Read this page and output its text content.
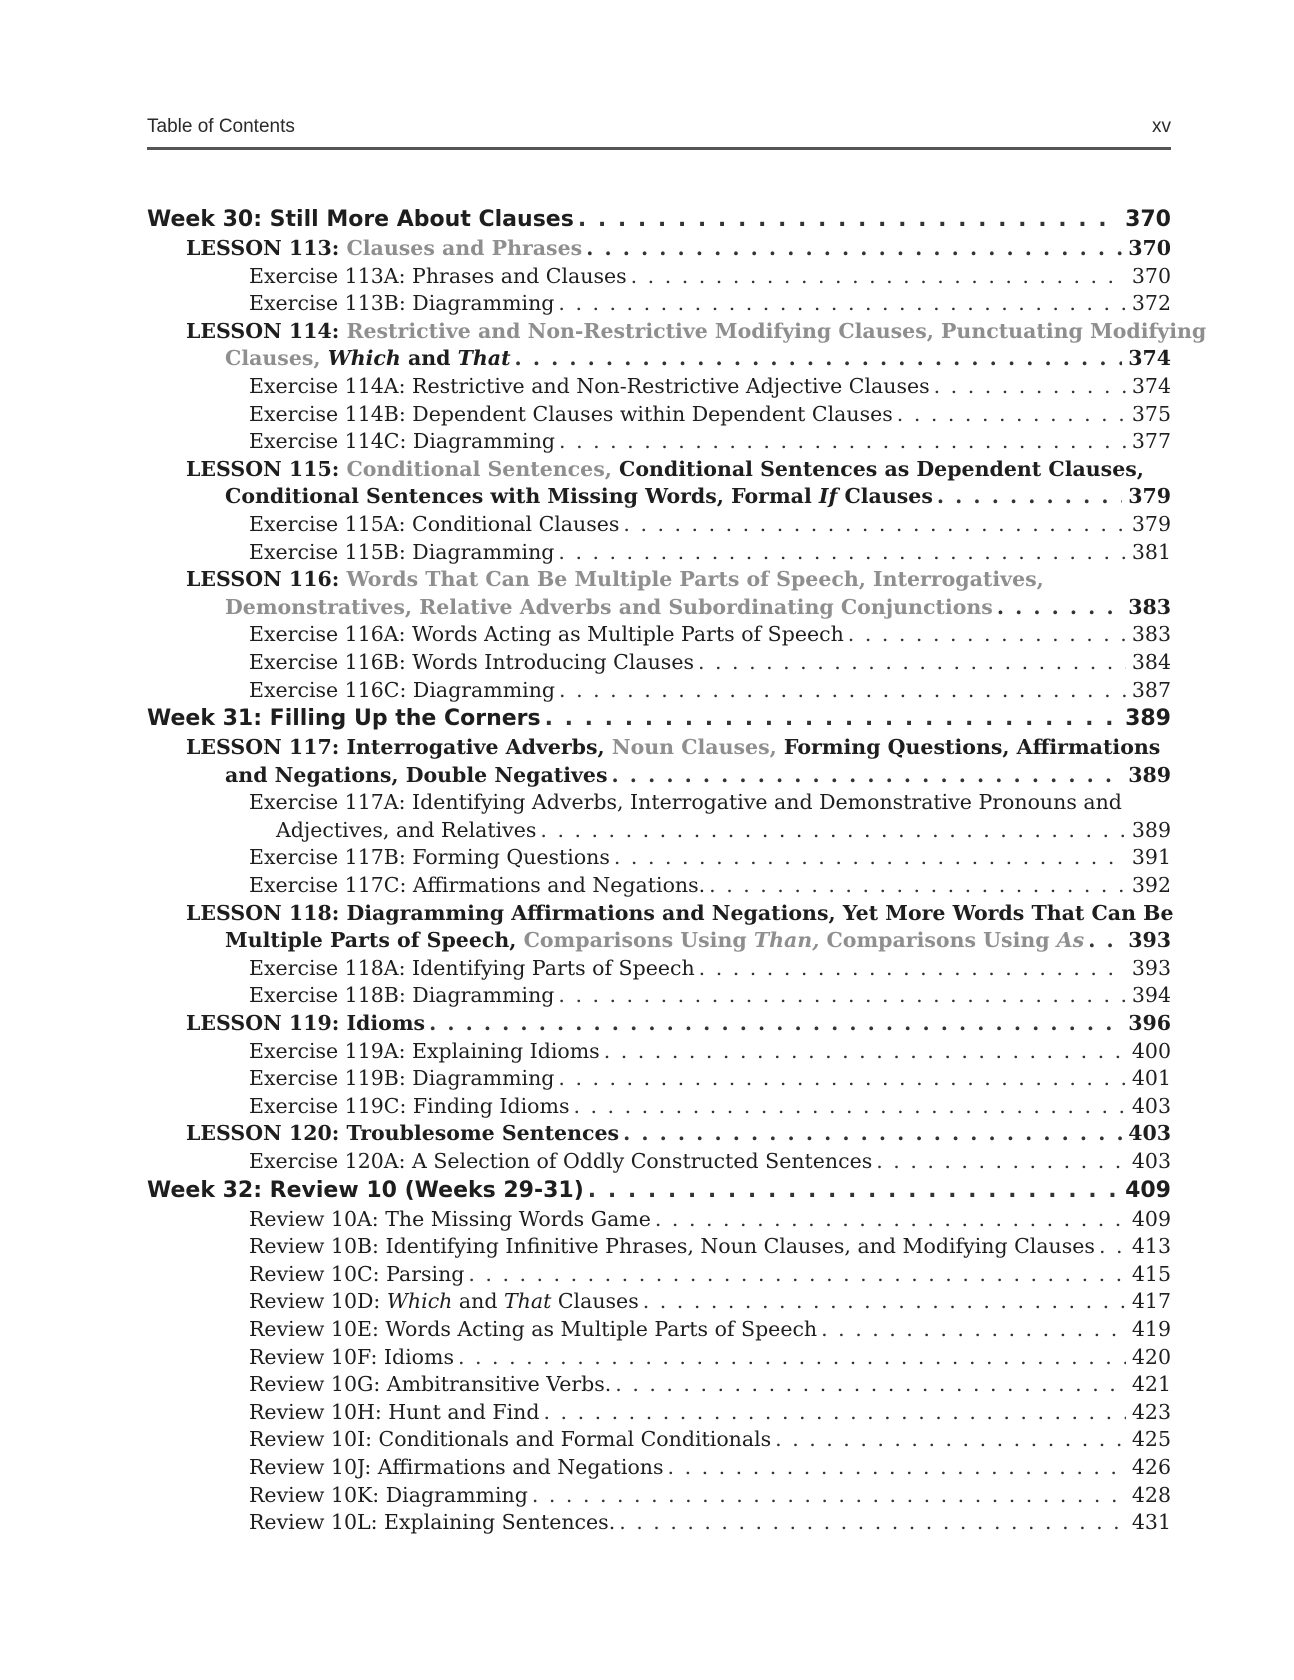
Table of Contents	xv
Week 30: Still More About Clauses . . .	370
LESSON 113: Clauses and Phrases . . .	370
Exercise 113A: Phrases and Clauses . . .	370
Exercise 113B: Diagramming . . .	372
LESSON 114: Restrictive and Non-Restrictive Modifying Clauses, Punctuating Modifying
Clauses, Which and That . . .	374
Exercise 114A: Restrictive and Non-Restrictive Adjective Clauses . . .	374
Exercise 114B: Dependent Clauses within Dependent Clauses . . .	375
Exercise 114C: Diagramming . . .	377
LESSON 115: Conditional Sentences, Conditional Sentences as Dependent Clauses,
Conditional Sentences with Missing Words, Formal If Clauses . . .	379
Exercise 115A: Conditional Clauses . . .	379
Exercise 115B: Diagramming . . .	381
LESSON 116: Words That Can Be Multiple Parts of Speech, Interrogatives,
Demonstratives, Relative Adverbs and Subordinating Conjunctions . . .	383
Exercise 116A: Words Acting as Multiple Parts of Speech . . .	383
Exercise 116B: Words Introducing Clauses . . .	384
Exercise 116C: Diagramming . . .	387
Week 31: Filling Up the Corners . . .	389
LESSON 117: Interrogative Adverbs, Noun Clauses, Forming Questions, Affirmations
and Negations, Double Negatives . . .	389
Exercise 117A: Identifying Adverbs, Interrogative and Demonstrative Pronouns and
Adjectives, and Relatives . . .	389
Exercise 117B: Forming Questions . . .	391
Exercise 117C: Affirmations and Negations. . . .	392
LESSON 118: Diagramming Affirmations and Negations, Yet More Words That Can Be
Multiple Parts of Speech, Comparisons Using Than, Comparisons Using As . . . 393
Exercise 118A: Identifying Parts of Speech . . .	393
Exercise 118B: Diagramming . . .	394
LESSON 119: Idioms . . .	396
Exercise 119A: Explaining Idioms . . .	400
Exercise 119B: Diagramming . . .	401
Exercise 119C: Finding Idioms . . .	403
LESSON 120: Troublesome Sentences . . .	403
Exercise 120A: A Selection of Oddly Constructed Sentences . . .	403
Week 32: Review 10 (Weeks 29-31) . . .	409
Review 10A: The Missing Words Game . . .	409
Review 10B: Identifying Infinitive Phrases, Noun Clauses, and Modifying Clauses . . . 413
Review 10C: Parsing . . .	415
Review 10D: Which and That Clauses . . .	417
Review 10E: Words Acting as Multiple Parts of Speech . . .	419
Review 10F: Idioms . . .	420
Review 10G: Ambitransitive Verbs. . . .	421
Review 10H: Hunt and Find . . .	423
Review 10I: Conditionals and Formal Conditionals . . .	425
Review 10J: Affirmations and Negations . . .	426
Review 10K: Diagramming . . .	428
Review 10L: Explaining Sentences. . . .	431
